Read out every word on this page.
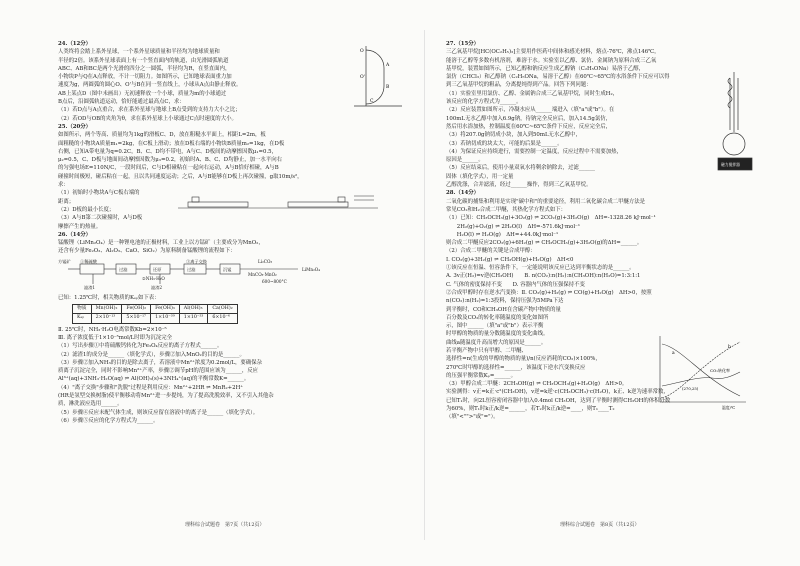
24.（12分）
人类终将会踏上系外星球，一个系外星球质量和半径均为地球质量和
半径的2倍。该系外星球表面上有一个竖直面内的轨道，由光滑圆弧轨道
ABC、AB和BC是两个光滑的四分之一圆弧，半径均为R，在竖直面内，
小物块P与Q在A点释放，不计一切阻力。如图所示，已知地球表面重力加
速度为g，两圆弧的圆心O、O'与B在同一竖直线上，小球从A点由静止释放。
AB上某点D（图中未画出）无初速释放一个小球，质量为m的小球通过
B点后，沿圆弧轨道运动，恰好能通过最高点C，求：
（1）若D点与A点重合，求在系外星球与地球上B点受到的支持力大小之比；
（2）若OD与OB的夹角为θ，求在系外星球上小球通过C点时速度的大小。
25.（20分）
如图所示，两个等高、质量均为1kg的滑板C、D，放在粗糙水平面上，相距L=2m，板
面粗糙的小物块A质量m₁=2kg，在C板上滑动；放在D板右端的小物块B质量m₂=1kg，在D板
右侧，已知A带电量为q=0.2C，B、C、D均不带电，A与C、D板间的动摩擦因数μ₁=0.5，
μ₂=0.5，C、D板与地面间动摩擦因数为μ₃=0.2，初始时A、B、C、D均静止，加一水平向右
的匀强电场E=110N/C，一段时间后，C与D相碰粘在一起向右运动，A与B恰好相碰，A与B
碰撞时间极短，碰后粘在一起，且以共同速度运动；之后，A与B能够在D板上再次碰撞，g取10m/s²，
求：
（1）初始时小物块A与C板右端的
距离；
（2）D板的最小长度；
（3）A与B第二次碰撞时，A与D板
摩擦产生的热量。
26.（14分）
锰酸锂（LiMn₂O₄）是一种锂电池的正极材料，工业上以方锰矿（主要成分为MnO₂，
还含有少量Fe₂O₃、Al₂O₃、CaO、SiO₂）为原料制备锰酸锂的流程如下：
方锰矿 ①稀硫酸
过滤	还原
②NH₃·H₂O
过滤
③离子交换
沉锰
Li₂CO₃
MnCO₃·MnO₂
LiMn₂O₄
滤渣1	滤渣2
600~800°C
已知：1.25℃时，相关物质的Kₛₚ如下表：
物质	Mn(OH)₂	Fe(OH)₂	Fe(OH)₃	Al(OH)₃	Ca(OH)₂
Kₛₚ	2×10⁻¹³	5×10⁻¹⁷	1×10⁻³⁹	1×10⁻³³	6×10⁻⁶
Ⅱ. 25℃时，NH₃·H₂O电离常数Kb=2×10⁻⁵
Ⅲ. 离子浓度低于1×10⁻⁵mol/L时即为沉淀完全
（1）写出步骤①中将硫酸钙转化为Fe₃O₄反应的离子方程式______。
（2）滤渣1的成分是______（填化学式），步骤②加入MnO₂的目的是______。
（3）步骤②加入NH₃的目的是除去离子，若溶液中Mn²⁺浓度为0.2mol/L，要确保杂
质离子沉淀完全，同时不影响Mn²⁺产率，步骤②调节pH的范围应该为______，反应
Al³⁺(aq)+3NH₃·H₂O(aq) ⇌ Al(OH)₃(s)+3NH₄⁺(aq)的平衡常数K=______。
（4）"离子交换"步骤和"洗脱"过程是利用反应：Mn²⁺+2HR ⇌ MnR₂+2H⁺
(HR是氢型交换树脂)使平衡移动将Mn²⁺进一步提纯，为了提高洗脱效率，又不引入其他杂
质，淋洗液应选用______。
（5）步骤④反应未配气体生成，则该反应留在溶液中的离子是______（填化学式）。
（6）步骤⑤反应的化学方程式为______。
O
A
O'
B
C
理科综合试题卷　第7页（共12页）
27.（15分）
三乙氧基甲烷[HC(OC₂H₅)₃]主要用作医药中间体和感光材料，熔点-76℃，沸点146℃，
能溶于乙醇等多数有机溶剂，难溶于水。实验室以乙醇、氯仿、金属钠为原料合成三乙氧
基甲烷，装置如图所示，已知乙醇和钠反应生成乙醇钠（C₂H₅ONa）易溶于乙醇，
氯仿（CHCl₃）和乙醇钠（C₂H₅ONa，易溶于乙醇）在60℃~65℃的水浴条件下反应可以得
到三乙氧基甲烷的粗品，分离提纯得到产品。回答下列问题：
（1）实验室里用氯仿、乙醇、金属钠合成三乙氧基甲烷，同时生成H₂，
该反应的化学方程式为______。
（2）反应装置如图所示，冷凝水应从______端进入（填"a"或"b"）。在
100mL无水乙醇中加入6.9g钠，待钠完全反应后，加入14.5g氯仿，
然后用水浴加热，控制温度在60℃~65℃条件下反应，反应完全后，
（3）将207.0g钠切成小块，加入到50mL无水乙醇中，
（3）若钠切成的块太大，可能的后果是______。
（4）为保证反应持续进行，需要控制一定温度，反应过程中不需要加热，
原因是______。
（5）反应结束后，使用小量双氧水将剩余钠除去，过滤______
固体（填化学式），用一定量
乙醇洗涤，合并滤液，经过______操作，得到三乙氧基甲烷。
28.（14分）
二氧化碳的捕集和利用是实现"碳中和"的重要途径，利用二氧化碳合成二甲醚方法是
常见CO₂和H₂合成二甲醚，其热化学方程式如下：
（1）已知：CH₃OCH₃(g)+3O₂(g) ⇌ 2CO₂(g)+3H₂O(g)　ΔH=-1328.26 kJ·mol⁻¹
　　2H₂(g)+O₂(g) ⇌ 2H₂O(l)　ΔH=-571.6kJ·mol⁻¹
　　H₂O(l) ⇌ H₂O(g)　ΔH=+44.0kJ·mol⁻¹
则合成二甲醚反应2CO₂(g)+6H₂(g) ⇌ CH₃OCH₃(g)+3H₂O(g)的ΔH=______。
（2）合成二甲醚的关键是合成甲醇：
Ⅰ. CO₂(g)+3H₂(g) ⇌ CH₃OH(g)+H₂O(g)　ΔH<0
①该反应在恒温、恒容条件下，一定能说明该反应已达到平衡状态的是______。
A. 3v正(H₂)=v逆(CH₃OH)　　B. n(CO₂):n(H₂):n(CH₃OH):n(H₂O)=1:3:1:1
C. 气体的密度保持不变　　D. 容器内气体的压强保持不变
②合成甲醇时存在逆水汽变换：Ⅱ. CO₂(g)+H₂(g) ⇌ CO(g)+H₂O(g)　ΔH>0，按照
n(CO₂):n(H₂)=1:3投料，保持压强为5MPa下达
到平衡时，CO和CH₃OH在含碳产物中物质的量
百分数及CO₂的转化率随温度的变化如图所
示，图中______（填"a"或"b"）表示平衡
时甲醇的物质的量分数随温度的变化曲线。
曲线a随温度升高而增大的原因是______。
若平衡产物中只有甲醇、二甲醚、
选择性=n(生成的甲醇的物质的量)/n(反应消耗的CO₂)×100%，
270℃时甲醇的选择性=______，该温度下逆水汽变换反应
的压强平衡常数Kₚ=______。
（3）甲醇合成二甲醚：2CH₃OH(g) ⇌ CH₃OCH₃(g)+H₂O(g)　ΔH>0。
实验测得：v正=k正·c²(CH₃OH)，v逆=k逆·c(CH₃OCH₃)·c(H₂O)，k正、k逆为速率常数，
已知T₁时，向2L恒容密闭容器中加入0.4mol CH₃OH，达到了平衡时测得CH₃OH的体积分数
为60%，则T₁时k正/k逆=______，若T₂时k正/k逆=____，则T₁____T₂
（填"<"">"或"="）。
磁力搅拌器
a
b
CO₂转化率
(270,25)
温度/℃
理科综合试题卷　第8页（共12页）
